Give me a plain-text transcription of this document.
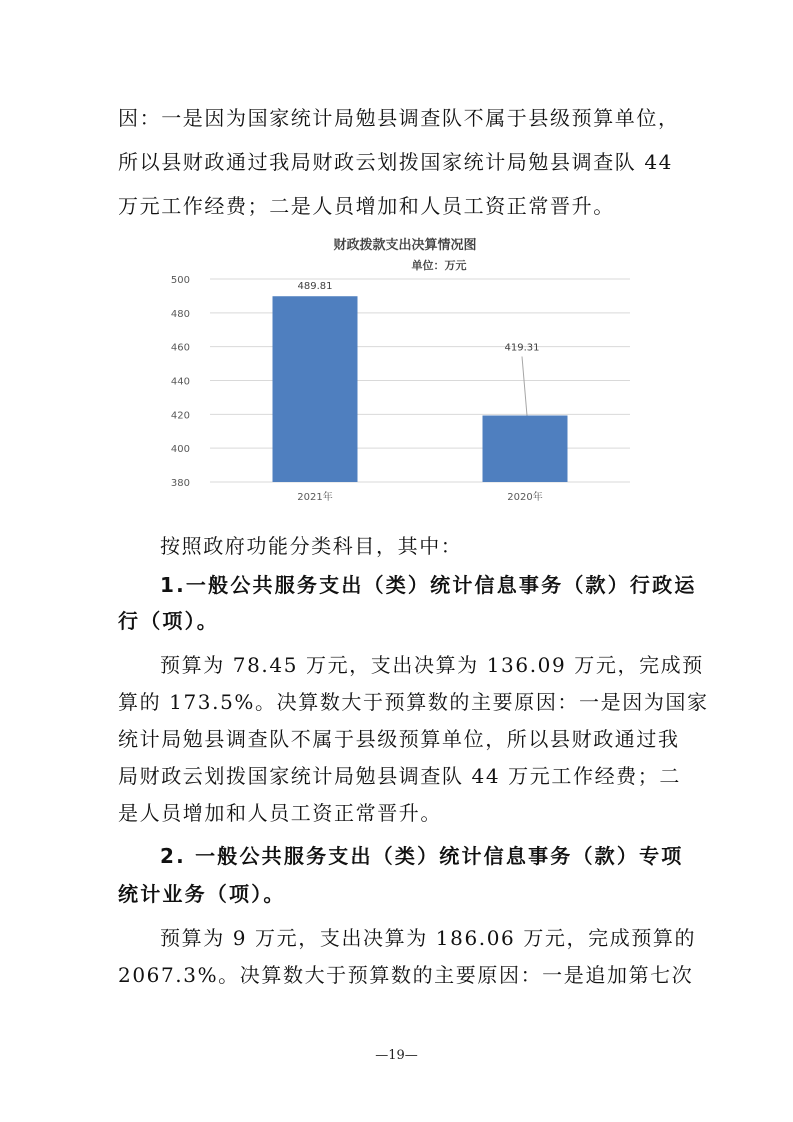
因：一是因为国家统计局勉县调查队不属于县级预算单位，
所以县财政通过我局财政云划拨国家统计局勉县调查队 44
万元工作经费；二是人员增加和人员工资正常晋升。
财政拨款支出决算情况图
单位：万元
380
400
420
440
460
480
500
489.81
419.31
2021年	2020年
按照政府功能分类科目，其中：
1.一般公共服务支出（类）统计信息事务（款）行政运
行（项）。
预算为 78.45 万元，支出决算为 136.09 万元，完成预
算的 173.5%。决算数大于预算数的主要原因：一是因为国家
统计局勉县调查队不属于县级预算单位，所以县财政通过我
局财政云划拨国家统计局勉县调查队 44 万元工作经费；二
是人员增加和人员工资正常晋升。
2. 一般公共服务支出（类）统计信息事务（款）专项
统计业务（项）。
预算为 9 万元，支出决算为 186.06 万元，完成预算的
2067.3%。决算数大于预算数的主要原因：一是追加第七次
—19—
